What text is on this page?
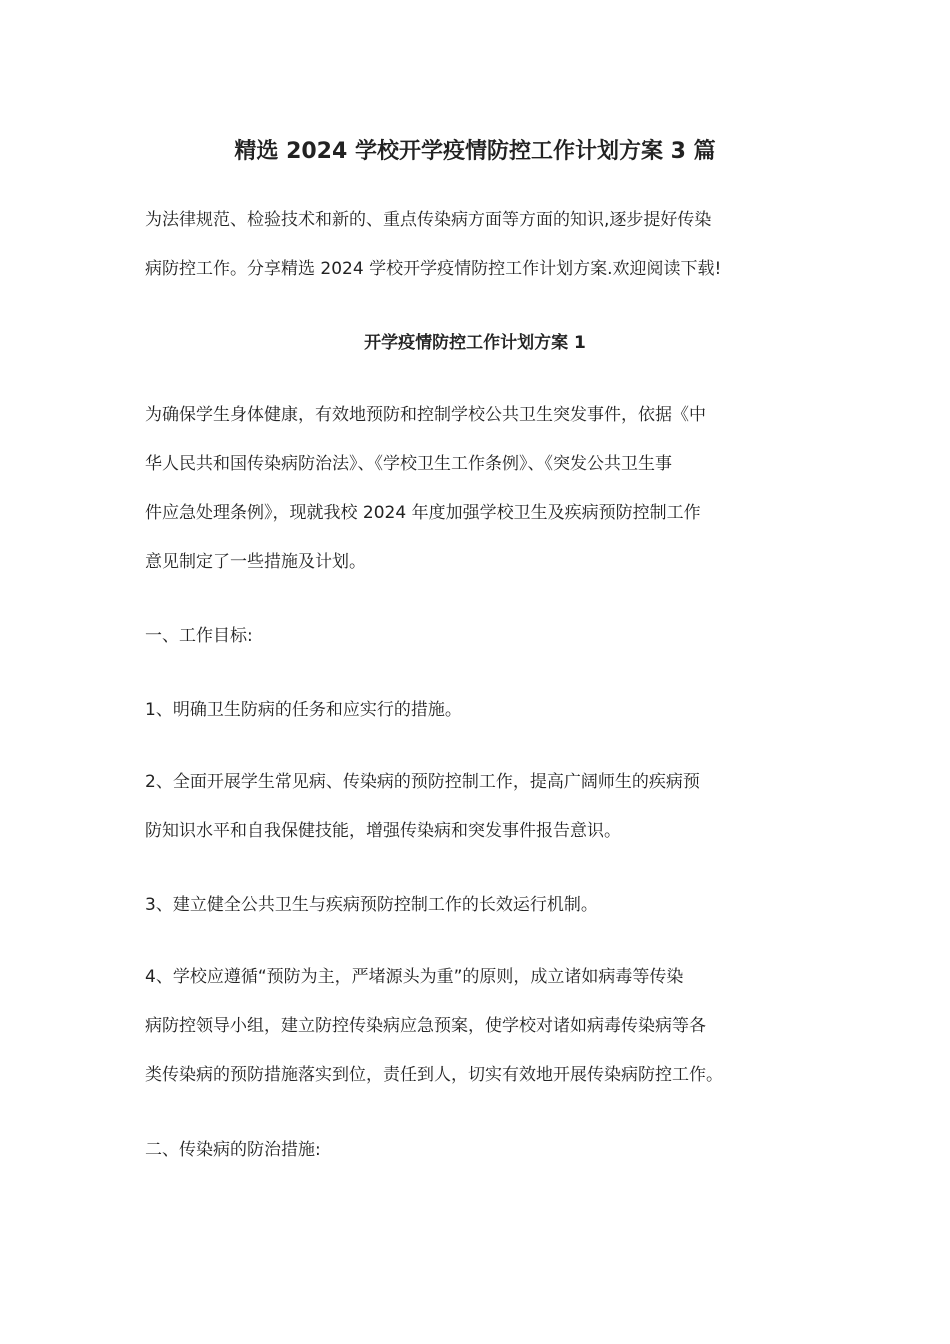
精选 2024 学校开学疫情防控工作计划方案 3 篇
为法律规范、检验技术和新的、重点传染病方面等方面的知识,逐步提好传染
病防控工作。分享精选 2024 学校开学疫情防控工作计划方案.欢迎阅读下载!
开学疫情防控工作计划方案 1
为确保学生身体健康，有效地预防和控制学校公共卫生突发事件，依据《中
华人民共和国传染病防治法》、《学校卫生工作条例》、《突发公共卫生事
件应急处理条例》，现就我校 2024 年度加强学校卫生及疾病预防控制工作
意见制定了一些措施及计划。
一、工作目标:
1、明确卫生防病的任务和应实行的措施。
2、全面开展学生常见病、传染病的预防控制工作，提高广阔师生的疾病预
防知识水平和自我保健技能，增强传染病和突发事件报告意识。
3、建立健全公共卫生与疾病预防控制工作的长效运行机制。
4、学校应遵循“预防为主，严堵源头为重”的原则，成立诸如病毒等传染
病防控领导小组，建立防控传染病应急预案，使学校对诸如病毒传染病等各
类传染病的预防措施落实到位，责任到人，切实有效地开展传染病防控工作。
二、传染病的防治措施:
